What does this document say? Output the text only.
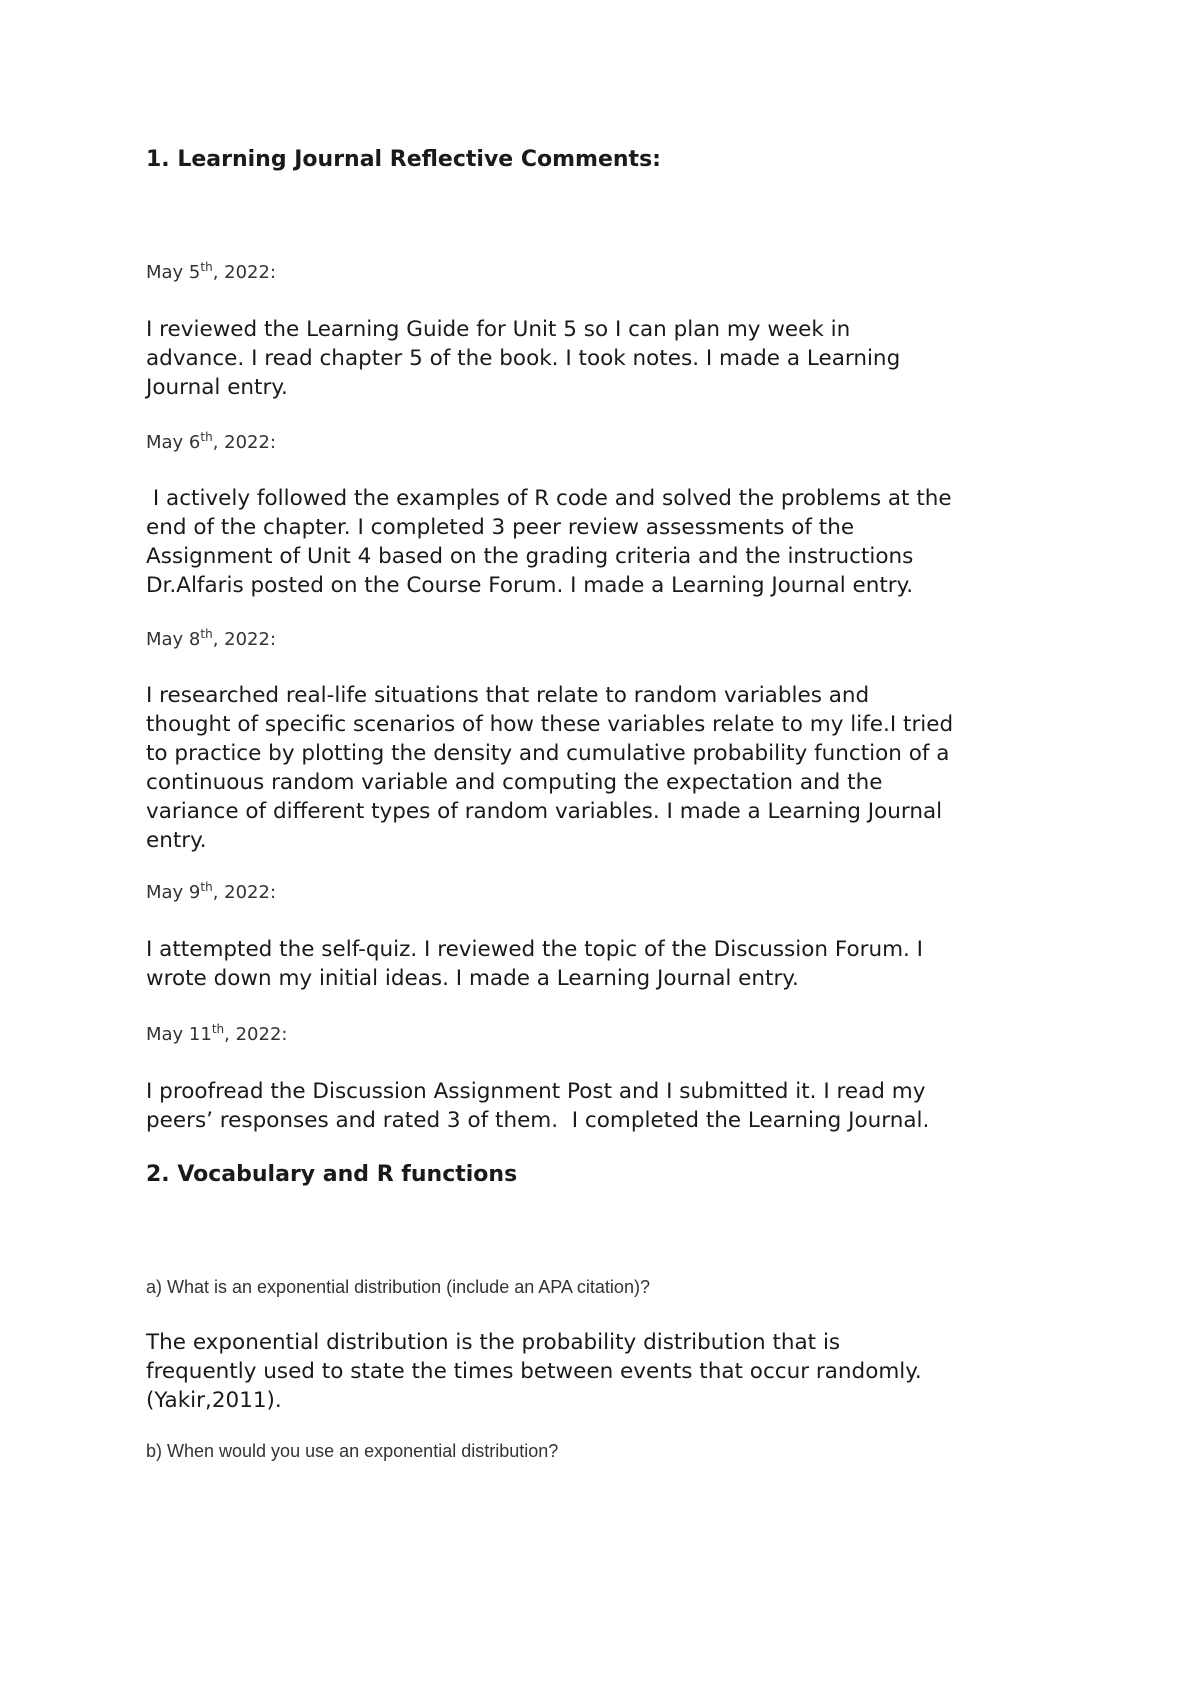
1. Learning Journal Reflective Comments:

May 5th, 2022:

I reviewed the Learning Guide for Unit 5 so I can plan my week in
advance. I read chapter 5 of the book. I took notes. I made a Learning
Journal entry.

May 6th, 2022:

I actively followed the examples of R code and solved the problems at the
end of the chapter. I completed 3 peer review assessments of the
Assignment of Unit 4 based on the grading criteria and the instructions
Dr.Alfaris posted on the Course Forum. I made a Learning Journal entry.

May 8th, 2022:

I researched real-life situations that relate to random variables and
thought of specific scenarios of how these variables relate to my life.I tried
to practice by plotting the density and cumulative probability function of a
continuous random variable and computing the expectation and the
variance of different types of random variables. I made a Learning Journal
entry.

May 9th, 2022:

I attempted the self-quiz. I reviewed the topic of the Discussion Forum. I
wrote down my initial ideas. I made a Learning Journal entry.

May 11th, 2022:

I proofread the Discussion Assignment Post and I submitted it. I read my
peers’ responses and rated 3 of them.  I completed the Learning Journal.

2. Vocabulary and R functions

a) What is an exponential distribution (include an APA citation)?

The exponential distribution is the probability distribution that is
frequently used to state the times between events that occur randomly.
(Yakir,2011).

b) When would you use an exponential distribution?
